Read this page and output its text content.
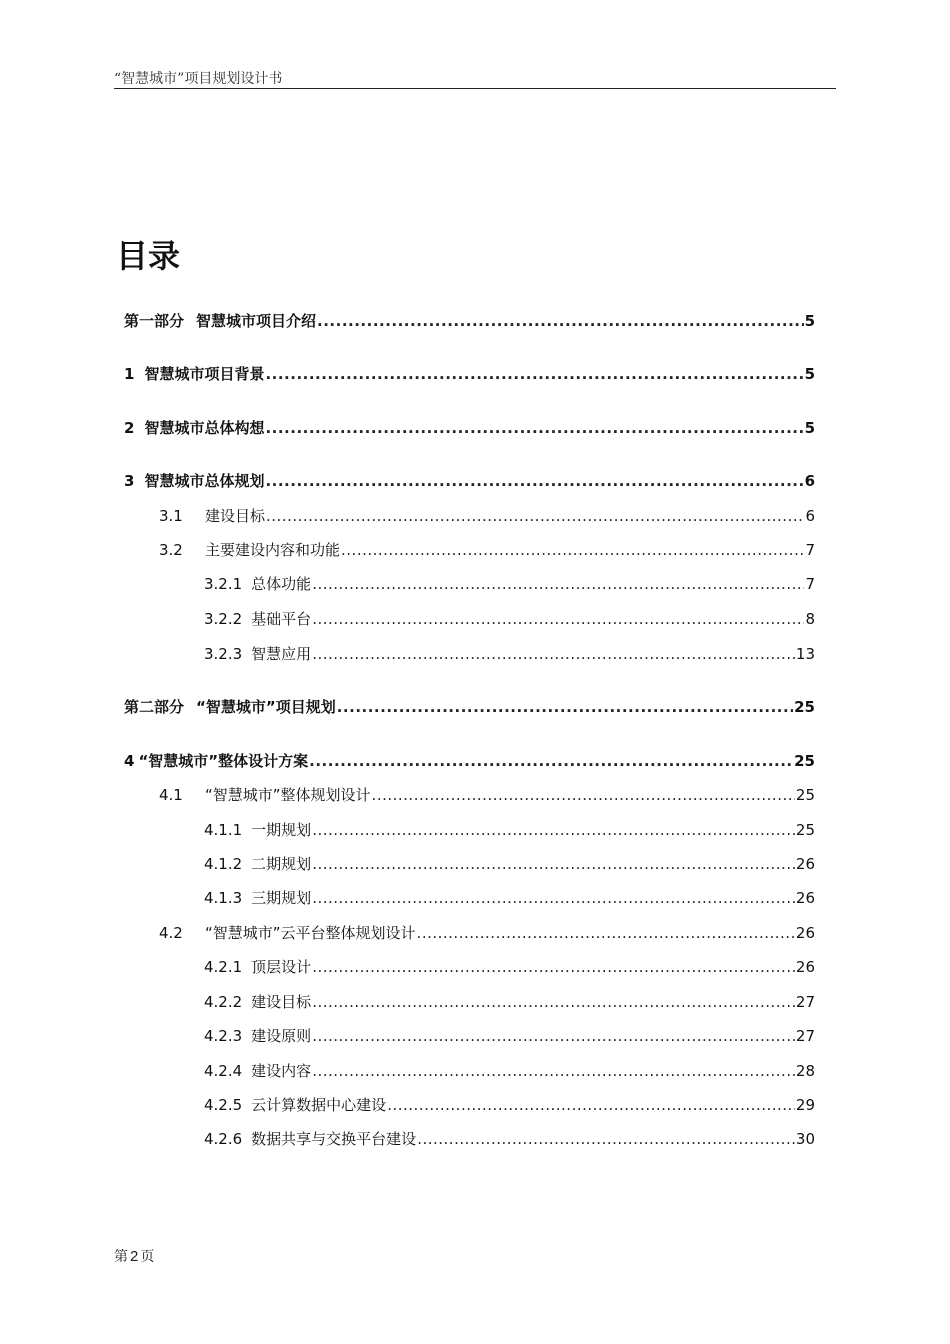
“智慧城市”项目规划设计书
目录
第一部分 智慧城市项目介绍 .....	5
1 智慧城市项目背景 .....	5
2 智慧城市总体构想 .....	5
3 智慧城市总体规划 .....	6
3.1	建设目标 .....	6
3.2	主要建设内容和功能 .....	7
3.2.1 总体功能 .....	7
3.2.2 基础平台 .....	8
3.2.3 智慧应用 .....	13
第二部分 “智慧城市”项目规划 .....	25
4 “智慧城市”整体设计方案 .....	25
4.1	“智慧城市”整体规划设计 .....	25
4.1.1 一期规划 .....	25
4.1.2 二期规划 .....	26
4.1.3 三期规划 .....	26
4.2	“智慧城市”云平台整体规划设计 .....	26
4.2.1 顶层设计 .....	26
4.2.2 建设目标 .....	27
4.2.3 建设原则 .....	27
4.2.4 建设内容 .....	28
4.2.5 云计算数据中心建设 .....	29
4.2.6 数据共享与交换平台建设 .....	30
第 2 页
